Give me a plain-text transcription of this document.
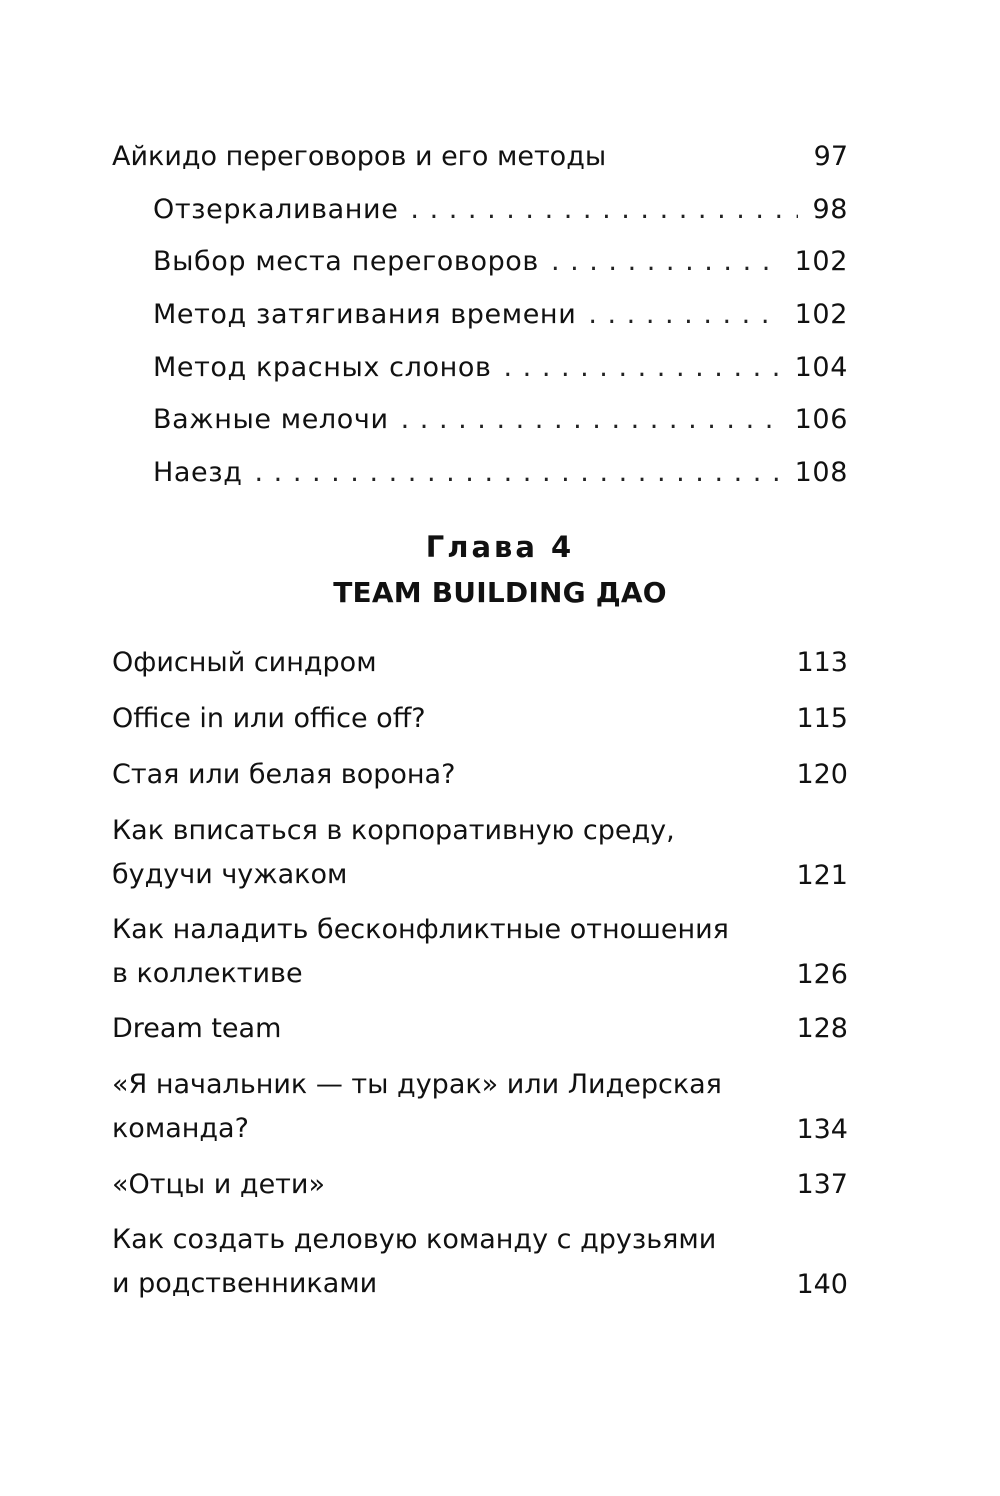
Айкидо переговоров и его методы	97
Отзеркаливание . . .	98
Выбор места переговоров . . .	102
Метод затягивания времени . . .	102
Метод красных слонов . . .	104
Важные мелочи . . .	106
Наезд . . .	108
Глава 4
TEAM BUILDING ДАО
Офисный синдром	113
Office in или office off?	115
Стая или белая ворона?	120
Как вписаться в корпоративную среду,
будучи чужаком	121
Как наладить бесконфликтные отношения
в коллективе	126
Dream team	128
«Я начальник — ты дурак» или Лидерская
команда?	134
«Отцы и дети»	137
Как создать деловую команду с друзьями
и родственниками	140
